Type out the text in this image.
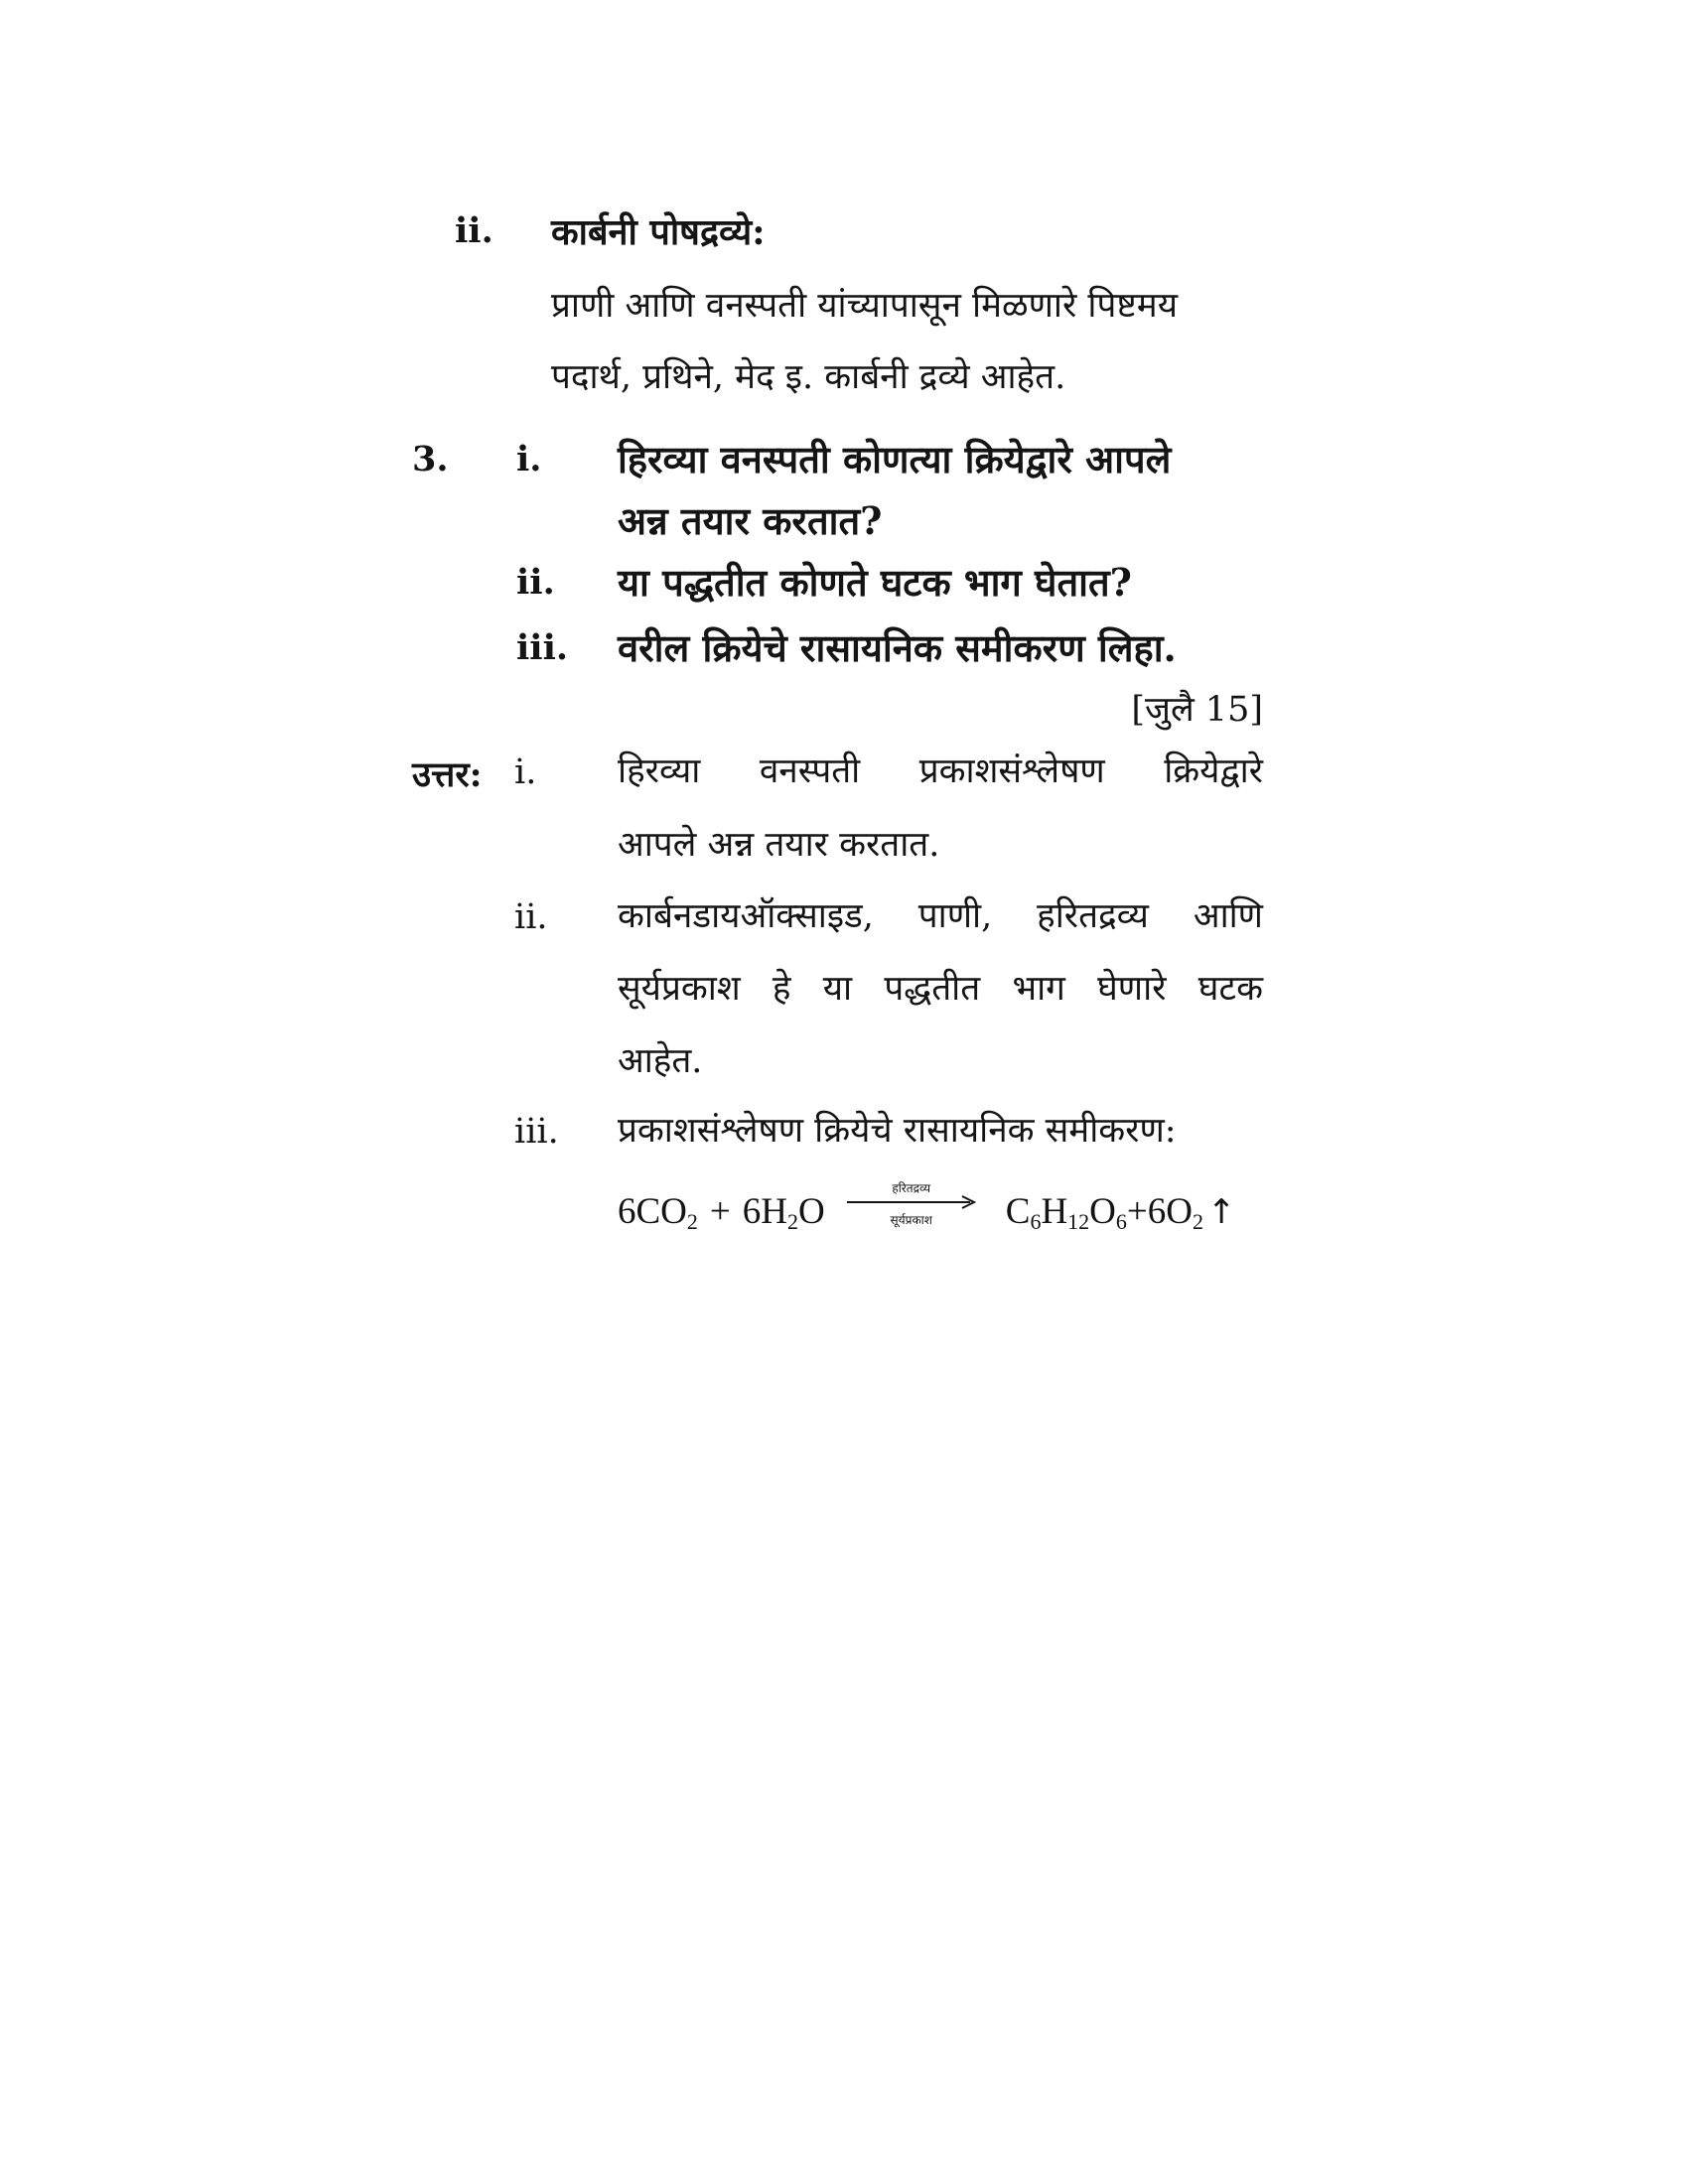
ii. कार्बनी पोषद्रव्ये:
प्राणी आणि वनस्पती यांच्यापासून मिळणारे पिष्टमय
पदार्थ, प्रथिने, मेद इ. कार्बनी द्रव्ये आहेत.
3. i. हिरव्या वनस्पती कोणत्या क्रियेद्वारे आपले
अन्न तयार करतात?
ii. या पद्धतीत कोणते घटक भाग घेतात?
iii. वरील क्रियेचे रासायनिक समीकरण लिहा.
[जुलै 15]
उत्तर: i. हिरव्या वनस्पती प्रकाशसंश्लेषण क्रियेद्वारे
आपले अन्न तयार करतात.
ii. कार्बनडायऑक्साइड, पाणी, हरितद्रव्य आणि
सूर्यप्रकाश हे या पद्धतीत भाग घेणारे घटक
आहेत.
iii. प्रकाशसंश्लेषण क्रियेचे रासायनिक समीकरण:
$6CO_2 + 6H_2O$
हरितद्रव्य
सूर्यप्रकाश	$C_6H_{12}O_6 + 6O_2$ ↑
